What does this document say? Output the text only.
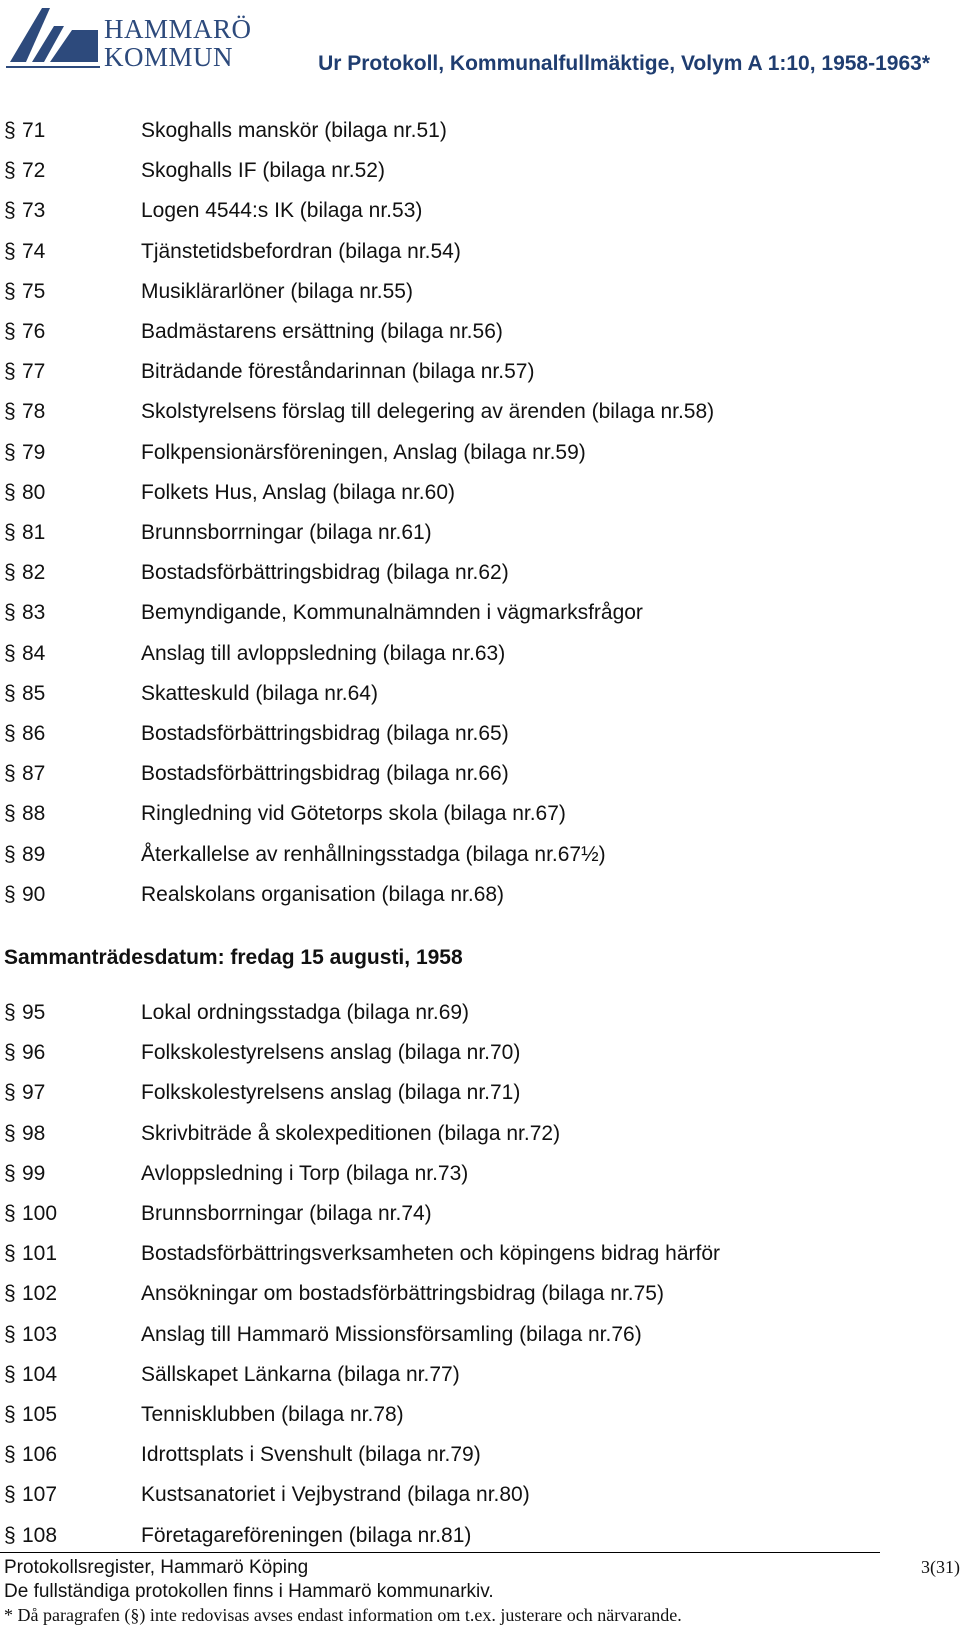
HAMMARÖ
KOMMUN	Ur Protokoll, Kommunalfullmäktige, Volym A 1:10, 1958-1963*
§ 71	Skoghalls manskör (bilaga nr.51)
§ 72	Skoghalls IF (bilaga nr.52)
§ 73	Logen 4544:s IK (bilaga nr.53)
§ 74	Tjänstetidsbefordran (bilaga nr.54)
§ 75	Musiklärarlöner (bilaga nr.55)
§ 76	Badmästarens ersättning (bilaga nr.56)
§ 77	Biträdande föreståndarinnan (bilaga nr.57)
§ 78	Skolstyrelsens förslag till delegering av ärenden (bilaga nr.58)
§ 79	Folkpensionärsföreningen, Anslag (bilaga nr.59)
§ 80	Folkets Hus, Anslag (bilaga nr.60)
§ 81	Brunnsborrningar (bilaga nr.61)
§ 82	Bostadsförbättringsbidrag (bilaga nr.62)
§ 83	Bemyndigande, Kommunalnämnden i vägmarksfrågor
§ 84	Anslag till avloppsledning (bilaga nr.63)
§ 85	Skatteskuld (bilaga nr.64)
§ 86	Bostadsförbättringsbidrag (bilaga nr.65)
§ 87	Bostadsförbättringsbidrag (bilaga nr.66)
§ 88	Ringledning vid Götetorps skola (bilaga nr.67)
§ 89	Återkallelse av renhållningsstadga (bilaga nr.67½)
§ 90	Realskolans organisation (bilaga nr.68)
§ 95	Lokal ordningsstadga (bilaga nr.69)
§ 96	Folkskolestyrelsens anslag (bilaga nr.70)
§ 97	Folkskolestyrelsens anslag (bilaga nr.71)
§ 98	Skrivbiträde å skolexpeditionen (bilaga nr.72)
§ 99	Avloppsledning i Torp (bilaga nr.73)
§ 100	Brunnsborrningar (bilaga nr.74)
§ 101	Bostadsförbättringsverksamheten och köpingens bidrag härför
§ 102	Ansökningar om bostadsförbättringsbidrag (bilaga nr.75)
§ 103	Anslag till Hammarö Missionsförsamling (bilaga nr.76)
§ 104	Sällskapet Länkarna (bilaga nr.77)
§ 105	Tennisklubben (bilaga nr.78)
§ 106	Idrottsplats i Svenshult (bilaga nr.79)
§ 107	Kustsanatoriet i Vejbystrand (bilaga nr.80)
§ 108	Företagareföreningen (bilaga nr.81)
Sammanträdesdatum: fredag 15 augusti, 1958
Protokollsregister, Hammarö Köping
De fullständiga protokollen finns i Hammarö kommunarkiv.
* Då paragrafen (§) inte redovisas avses endast information om t.ex. justerare och närvarande.
3(31)
